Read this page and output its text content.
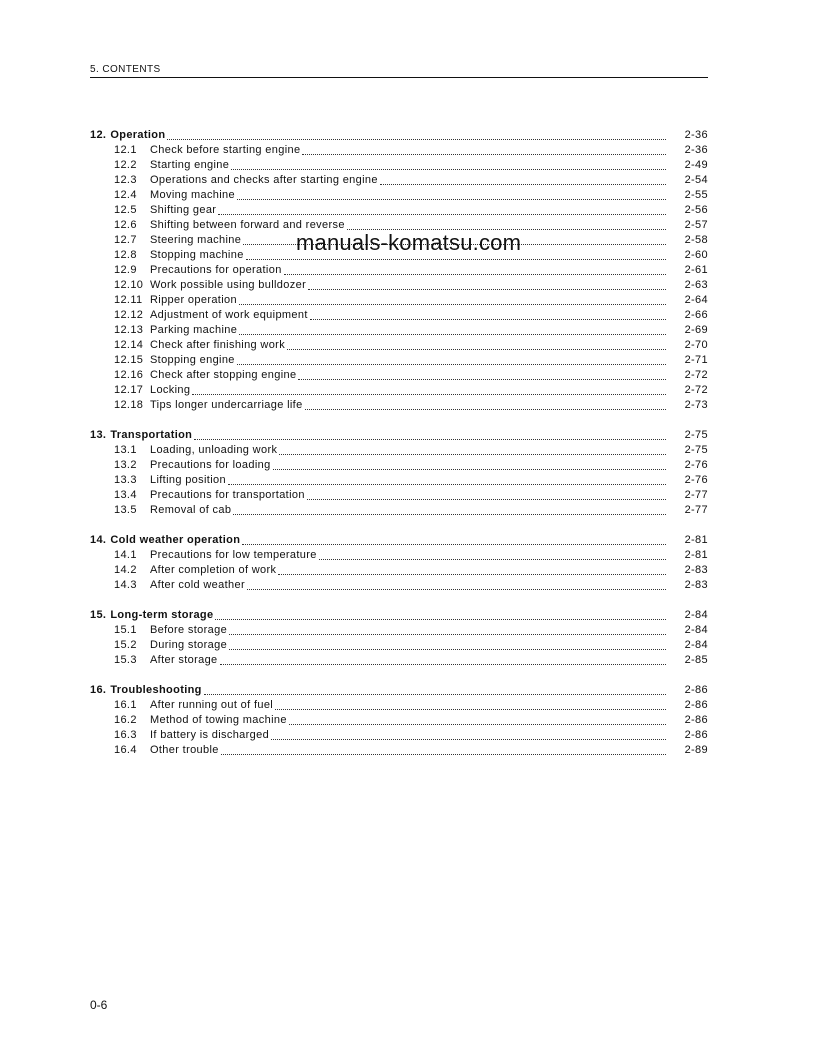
5. CONTENTS
12. Operation	2-36
12.1	Check before starting engine	2-36
12.2	Starting engine	2-49
12.3	Operations and checks after starting engine	2-54
12.4	Moving machine	2-55
12.5	Shifting gear	2-56
12.6	Shifting between forward and reverse	2-57
12.7	Steering machine	2-58
12.8	Stopping machine	2-60
12.9	Precautions for operation	2-61
12.10 Work possible using bulldozer	2-63
12.11 Ripper operation	2-64
12.12 Adjustment of work equipment	2-66
12.13 Parking machine	2-69
12.14 Check after finishing work	2-70
12.15 Stopping engine	2-71
12.16 Check after stopping engine	2-72
12.17 Locking	2-72
12.18 Tips longer undercarriage life	2-73
13. Transportation	2-75
13.1	Loading, unloading work	2-75
13.2	Precautions for loading	2-76
13.3	Lifting position	2-76
13.4	Precautions for transportation	2-77
13.5	Removal of cab	2-77
14. Cold weather operation	2-81
14.1	Precautions for low temperature	2-81
14.2	After completion of work	2-83
14.3	After cold weather	2-83
15. Long-term storage	2-84
15.1	Before storage	2-84
15.2	During storage	2-84
15.3	After storage	2-85
16. Troubleshooting	2-86
16.1	After running out of fuel	2-86
16.2	Method of towing machine	2-86
16.3	If battery is discharged	2-86
16.4	Other trouble	2-89
manuals-komatsu.com
0-6
